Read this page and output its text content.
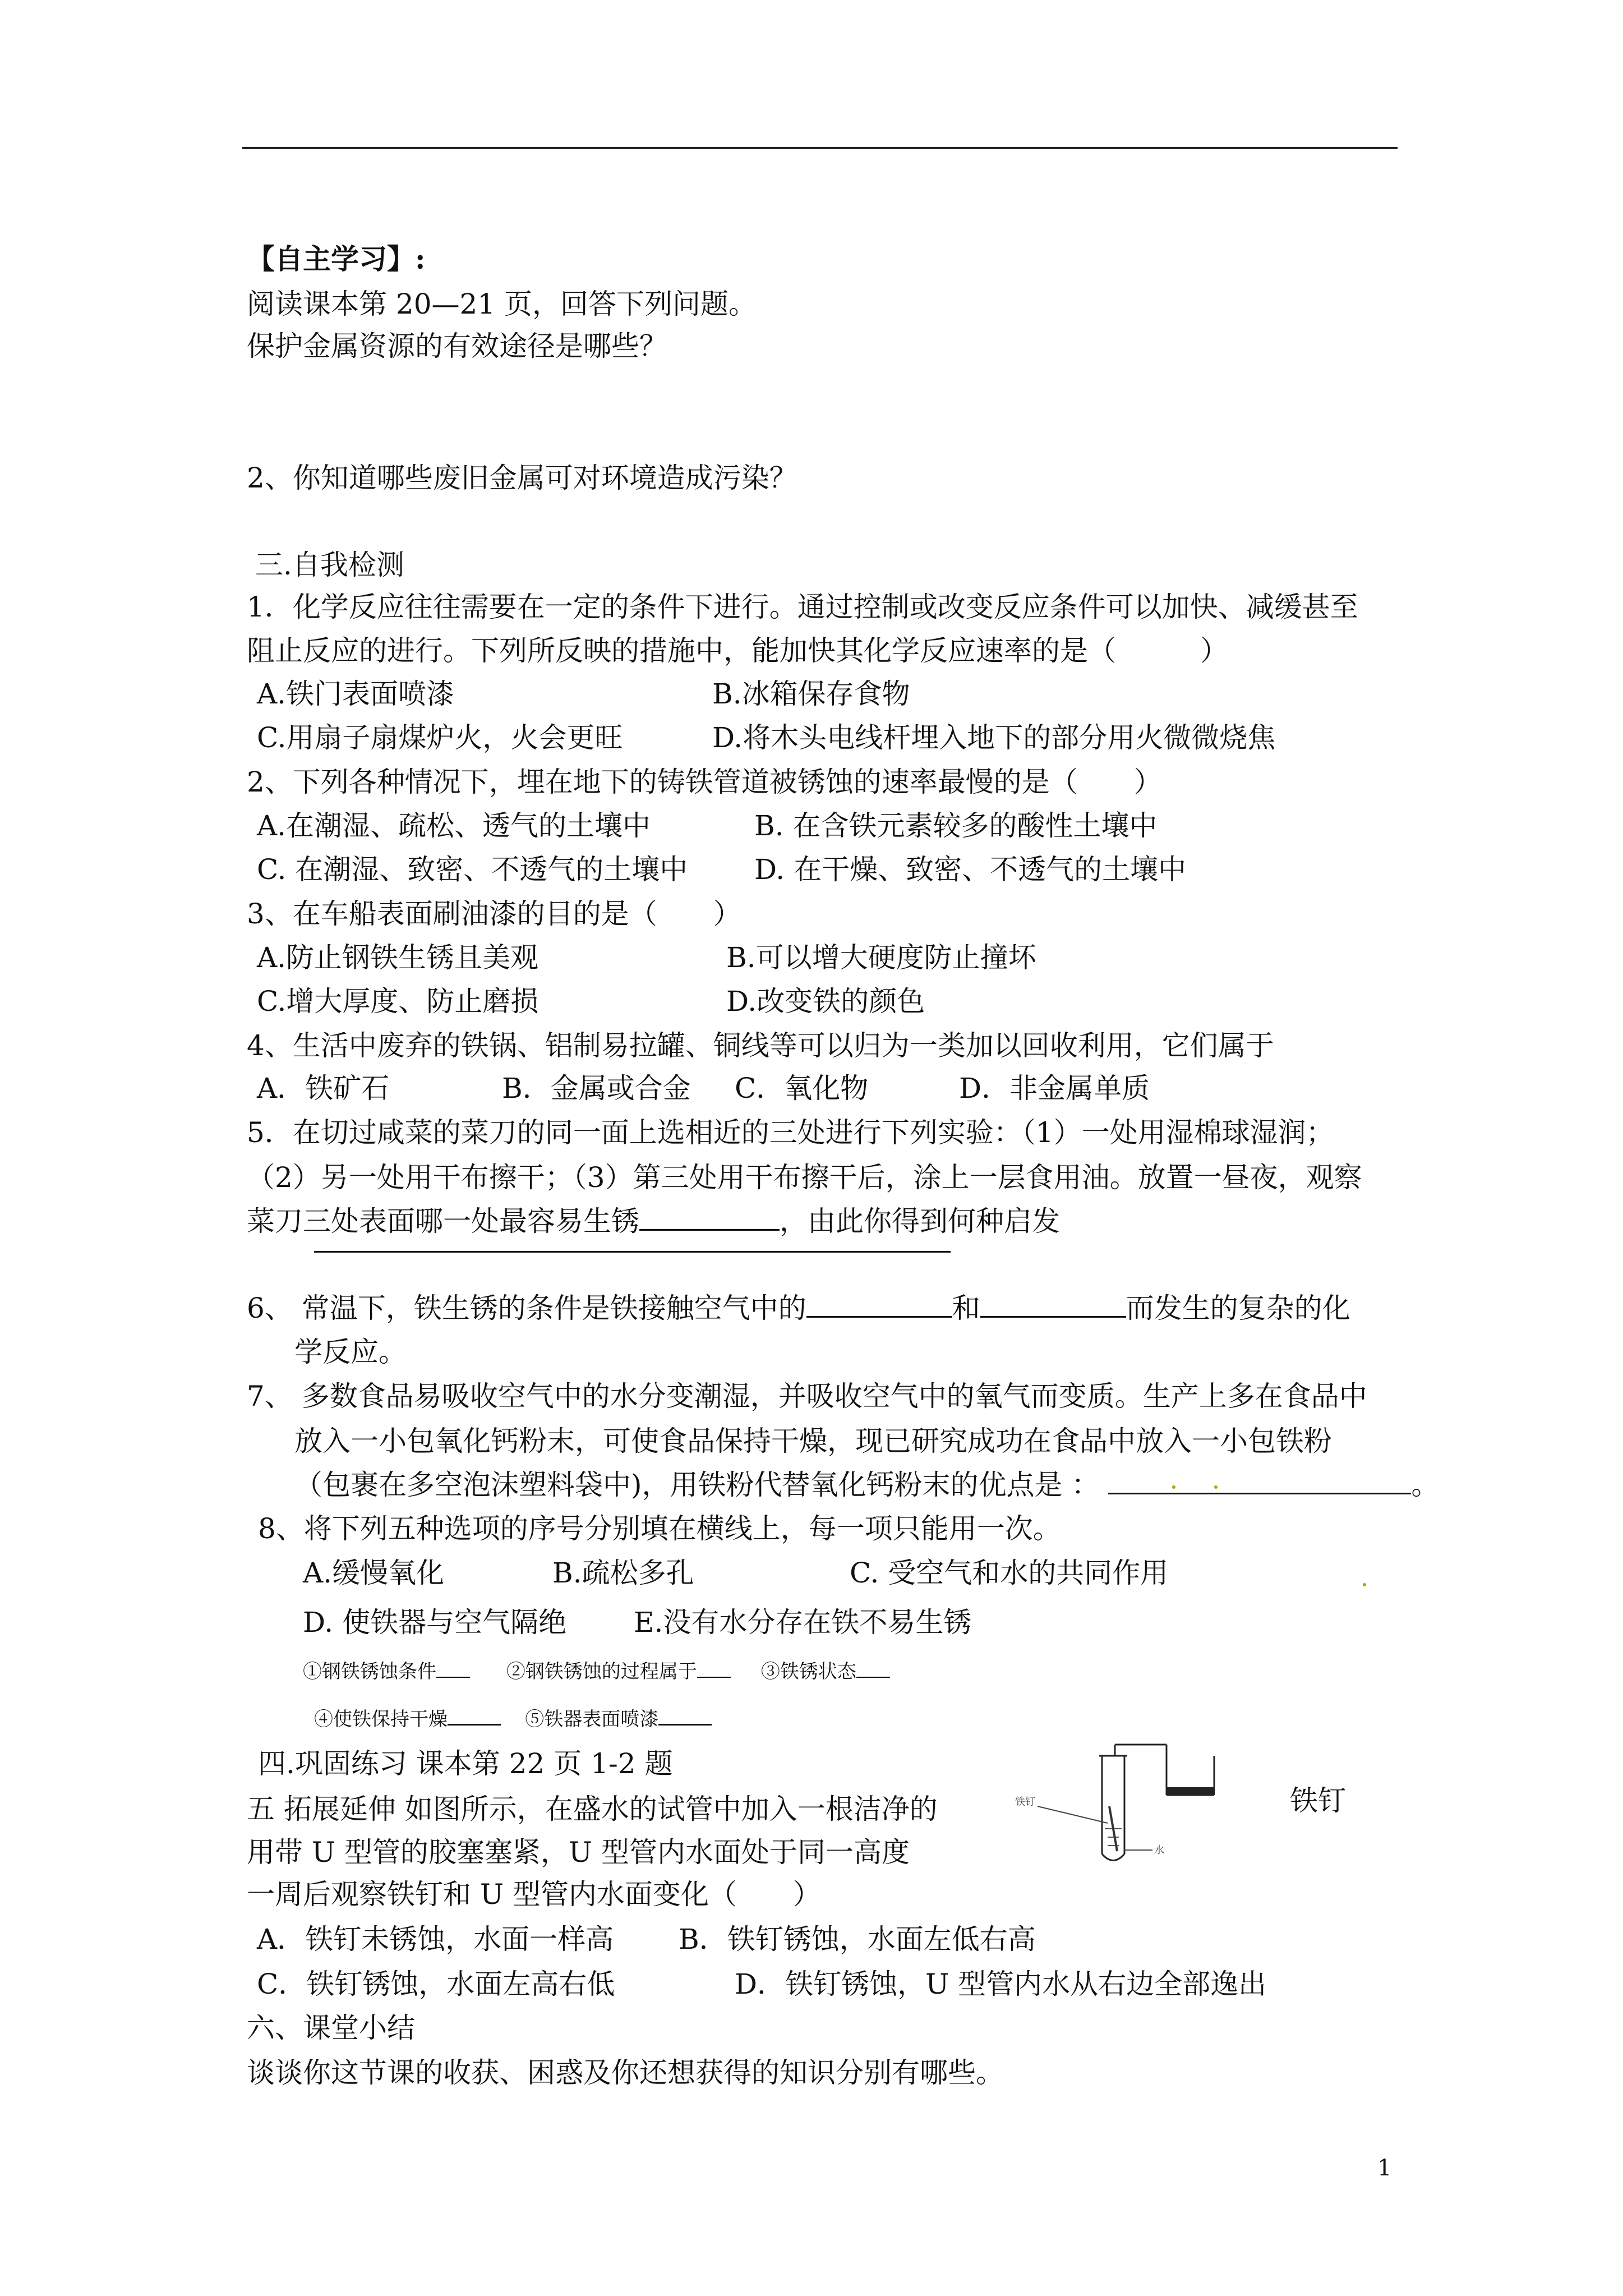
【自主学习】:
阅读课本第 20—21 页，回答下列问题。
保护金属资源的有效途径是哪些？
2、你知道哪些废旧金属可对环境造成污染？
三.自我检测
1．化学反应往往需要在一定的条件下进行。通过控制或改变反应条件可以加快、减缓甚至
阻止反应的进行。下列所反映的措施中，能加快其化学反应速率的是（　　　）
A.铁门表面喷漆	B.冰箱保存食物
C.用扇子扇煤炉火，火会更旺	D.将木头电线杆埋入地下的部分用火微微烧焦
2、下列各种情况下，埋在地下的铸铁管道被锈蚀的速率最慢的是（　　）
A.在潮湿、疏松、透气的土壤中	B. 在含铁元素较多的酸性土壤中
C. 在潮湿、致密、不透气的土壤中 D. 在干燥、致密、不透气的土壤中
3、在车船表面刷油漆的目的是（　　）
A.防止钢铁生锈且美观	B.可以增大硬度防止撞坏
C.增大厚度、防止磨损	D.改变铁的颜色
4、生活中废弃的铁锅、铝制易拉罐、铜线等可以归为一类加以回收利用，它们属于
A．铁矿石	B．金属或合金 C．氧化物	D．非金属单质
5．在切过咸菜的菜刀的同一面上选相近的三处进行下列实验：（1）一处用湿棉球湿润；
（2）另一处用干布擦干；（3）第三处用干布擦干后，涂上一层食用油。放置一昼夜，观察
菜刀三处表面哪一处最容易生锈	，由此你得到何种启发
6、 常温下，铁生锈的条件是铁接触空气中的	和	而发生的复杂的化
学反应。
7、 多数食品易吸收空气中的水分变潮湿，并吸收空气中的氧气而变质。生产上多在食品中
放入一小包氧化钙粉末，可使食品保持干燥，现已研究成功在食品中放入一小包铁粉
（包裹在多空泡沫塑料袋中)，用铁粉代替氧化钙粉末的优点是 ：	。
8、将下列五种选项的序号分别填在横线上，每一项只能用一次。
A.缓慢氧化	B.疏松多孔	C. 受空气和水的共同作用
D. 使铁器与空气隔绝 E.没有水分存在铁不易生锈
①钢铁锈蚀条件	②钢铁锈蚀的过程属于	③铁锈状态
④使铁保持干燥	⑤铁器表面喷漆
四.巩固练习 课本第 22 页 1-2 题
五 拓展延伸 如图所示，在盛水的试管中加入一根洁净的
用带 U 型管的胶塞塞紧，U 型管内水面处于同一高度
一周后观察铁钉和 U 型管内水面变化（　　）
铁钉
铁钉
水
A．铁钉未锈蚀，水面一样高 B．铁钉锈蚀，水面左低右高
C．铁钉锈蚀，水面左高右低	D．铁钉锈蚀，U 型管内水从右边全部逸出
六、课堂小结
谈谈你这节课的收获、困惑及你还想获得的知识分别有哪些。
1
